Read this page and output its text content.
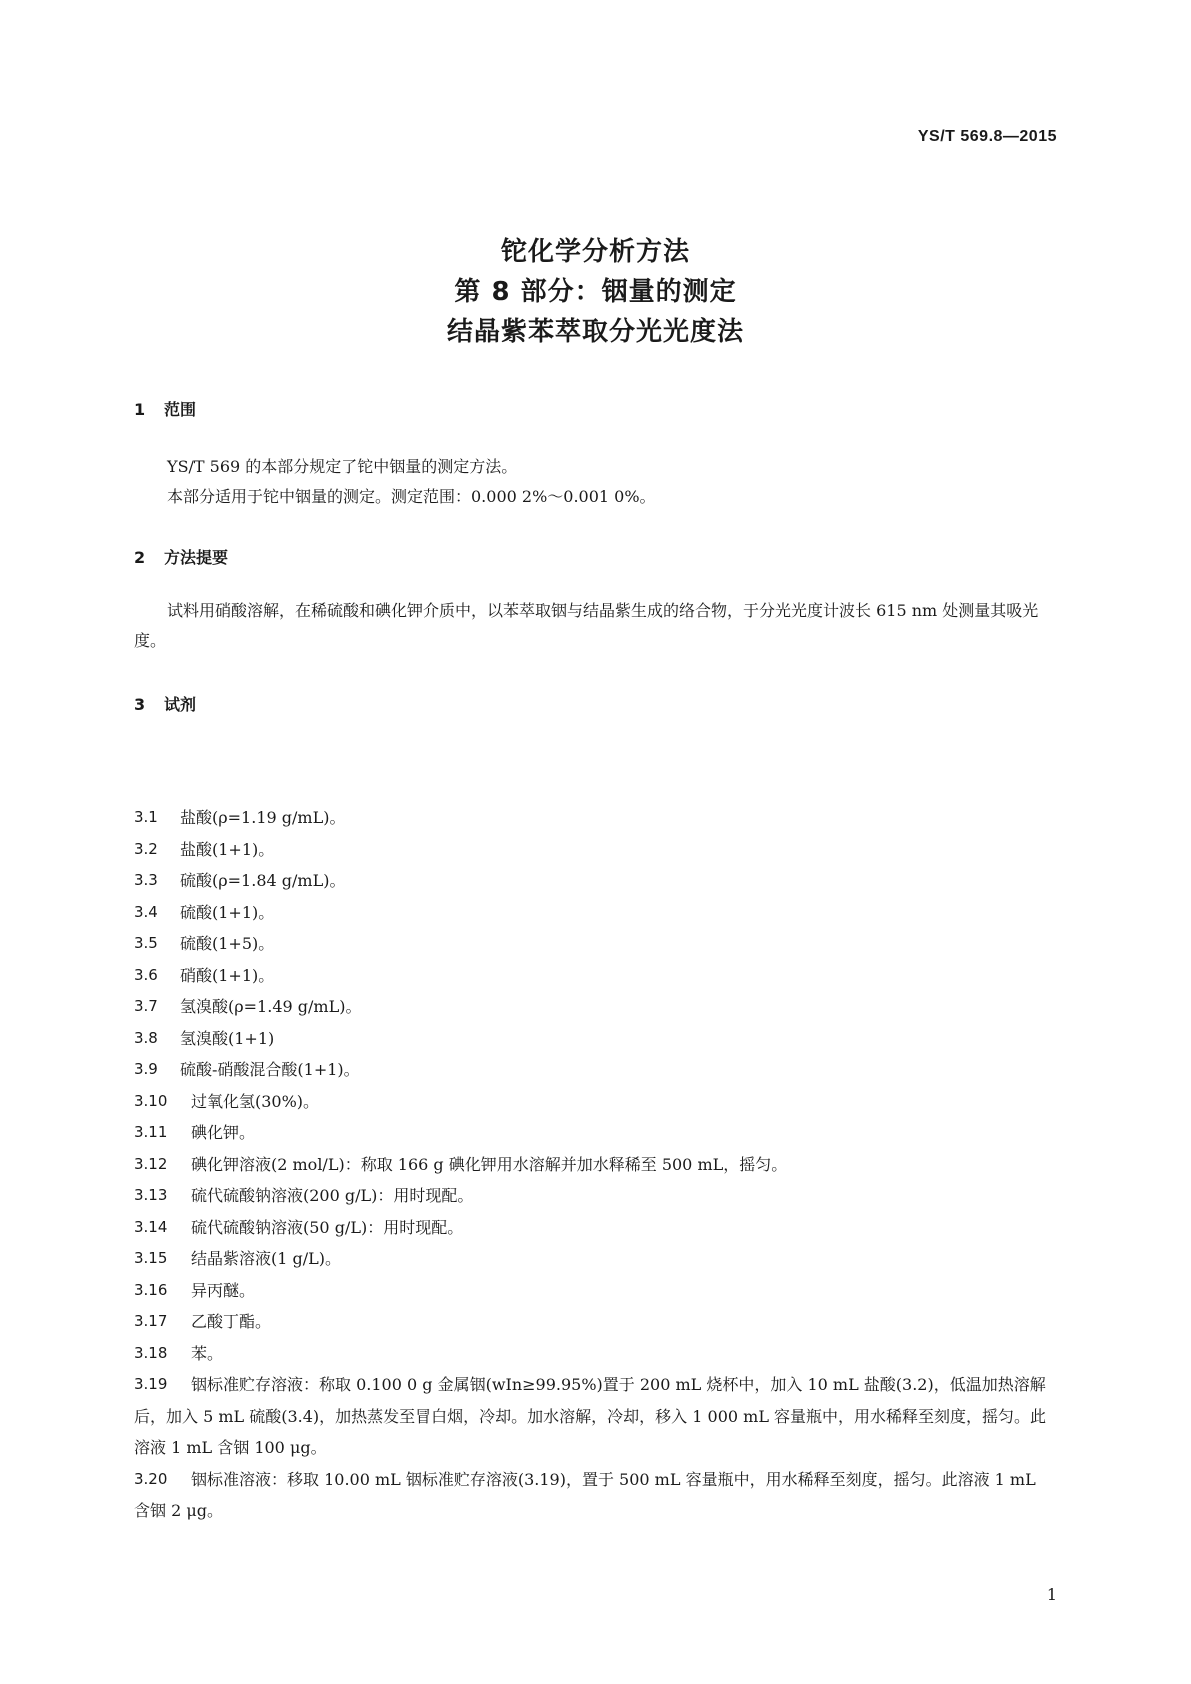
YS/T 569.8—2015
铊化学分析方法
第 8 部分：铟量的测定
结晶紫苯萃取分光光度法
1 范围
YS/T 569 的本部分规定了铊中铟量的测定方法。
本部分适用于铊中铟量的测定。测定范围：0.000 2%～0.001 0%。
2 方法提要
试料用硝酸溶解，在稀硫酸和碘化钾介质中，以苯萃取铟与结晶紫生成的络合物，于分光光度计波长 615 nm 处测量其吸光度。
3 试剂
3.1	盐酸(ρ=1.19 g/mL)。
3.2	盐酸(1+1)。
3.3	硫酸(ρ=1.84 g/mL)。
3.4	硫酸(1+1)。
3.5	硫酸(1+5)。
3.6	硝酸(1+1)。
3.7	氢溴酸(ρ=1.49 g/mL)。
3.8	氢溴酸(1+1)
3.9	硫酸-硝酸混合酸(1+1)。
3.10	过氧化氢(30%)。
3.11	碘化钾。
3.12	碘化钾溶液(2 mol/L)：称取 166 g 碘化钾用水溶解并加水释稀至 500 mL，摇匀。
3.13	硫代硫酸钠溶液(200 g/L)：用时现配。
3.14	硫代硫酸钠溶液(50 g/L)：用时现配。
3.15	结晶紫溶液(1 g/L)。
3.16	异丙醚。
3.17	乙酸丁酯。
3.18	苯。
3.19	铟标准贮存溶液：称取 0.100 0 g 金属铟(wIn≥99.95%)置于 200 mL 烧杯中，加入 10 mL 盐酸(3.2)，低温加热溶解后，加入 5 mL 硫酸(3.4)，加热蒸发至冒白烟，冷却。加水溶解，冷却，移入 1 000 mL 容量瓶中，用水稀释至刻度，摇匀。此溶液 1 mL 含铟 100 μg。
3.20	铟标准溶液：移取 10.00 mL 铟标准贮存溶液(3.19)，置于 500 mL 容量瓶中，用水稀释至刻度，摇匀。此溶液 1 mL 含铟 2 μg。
1
